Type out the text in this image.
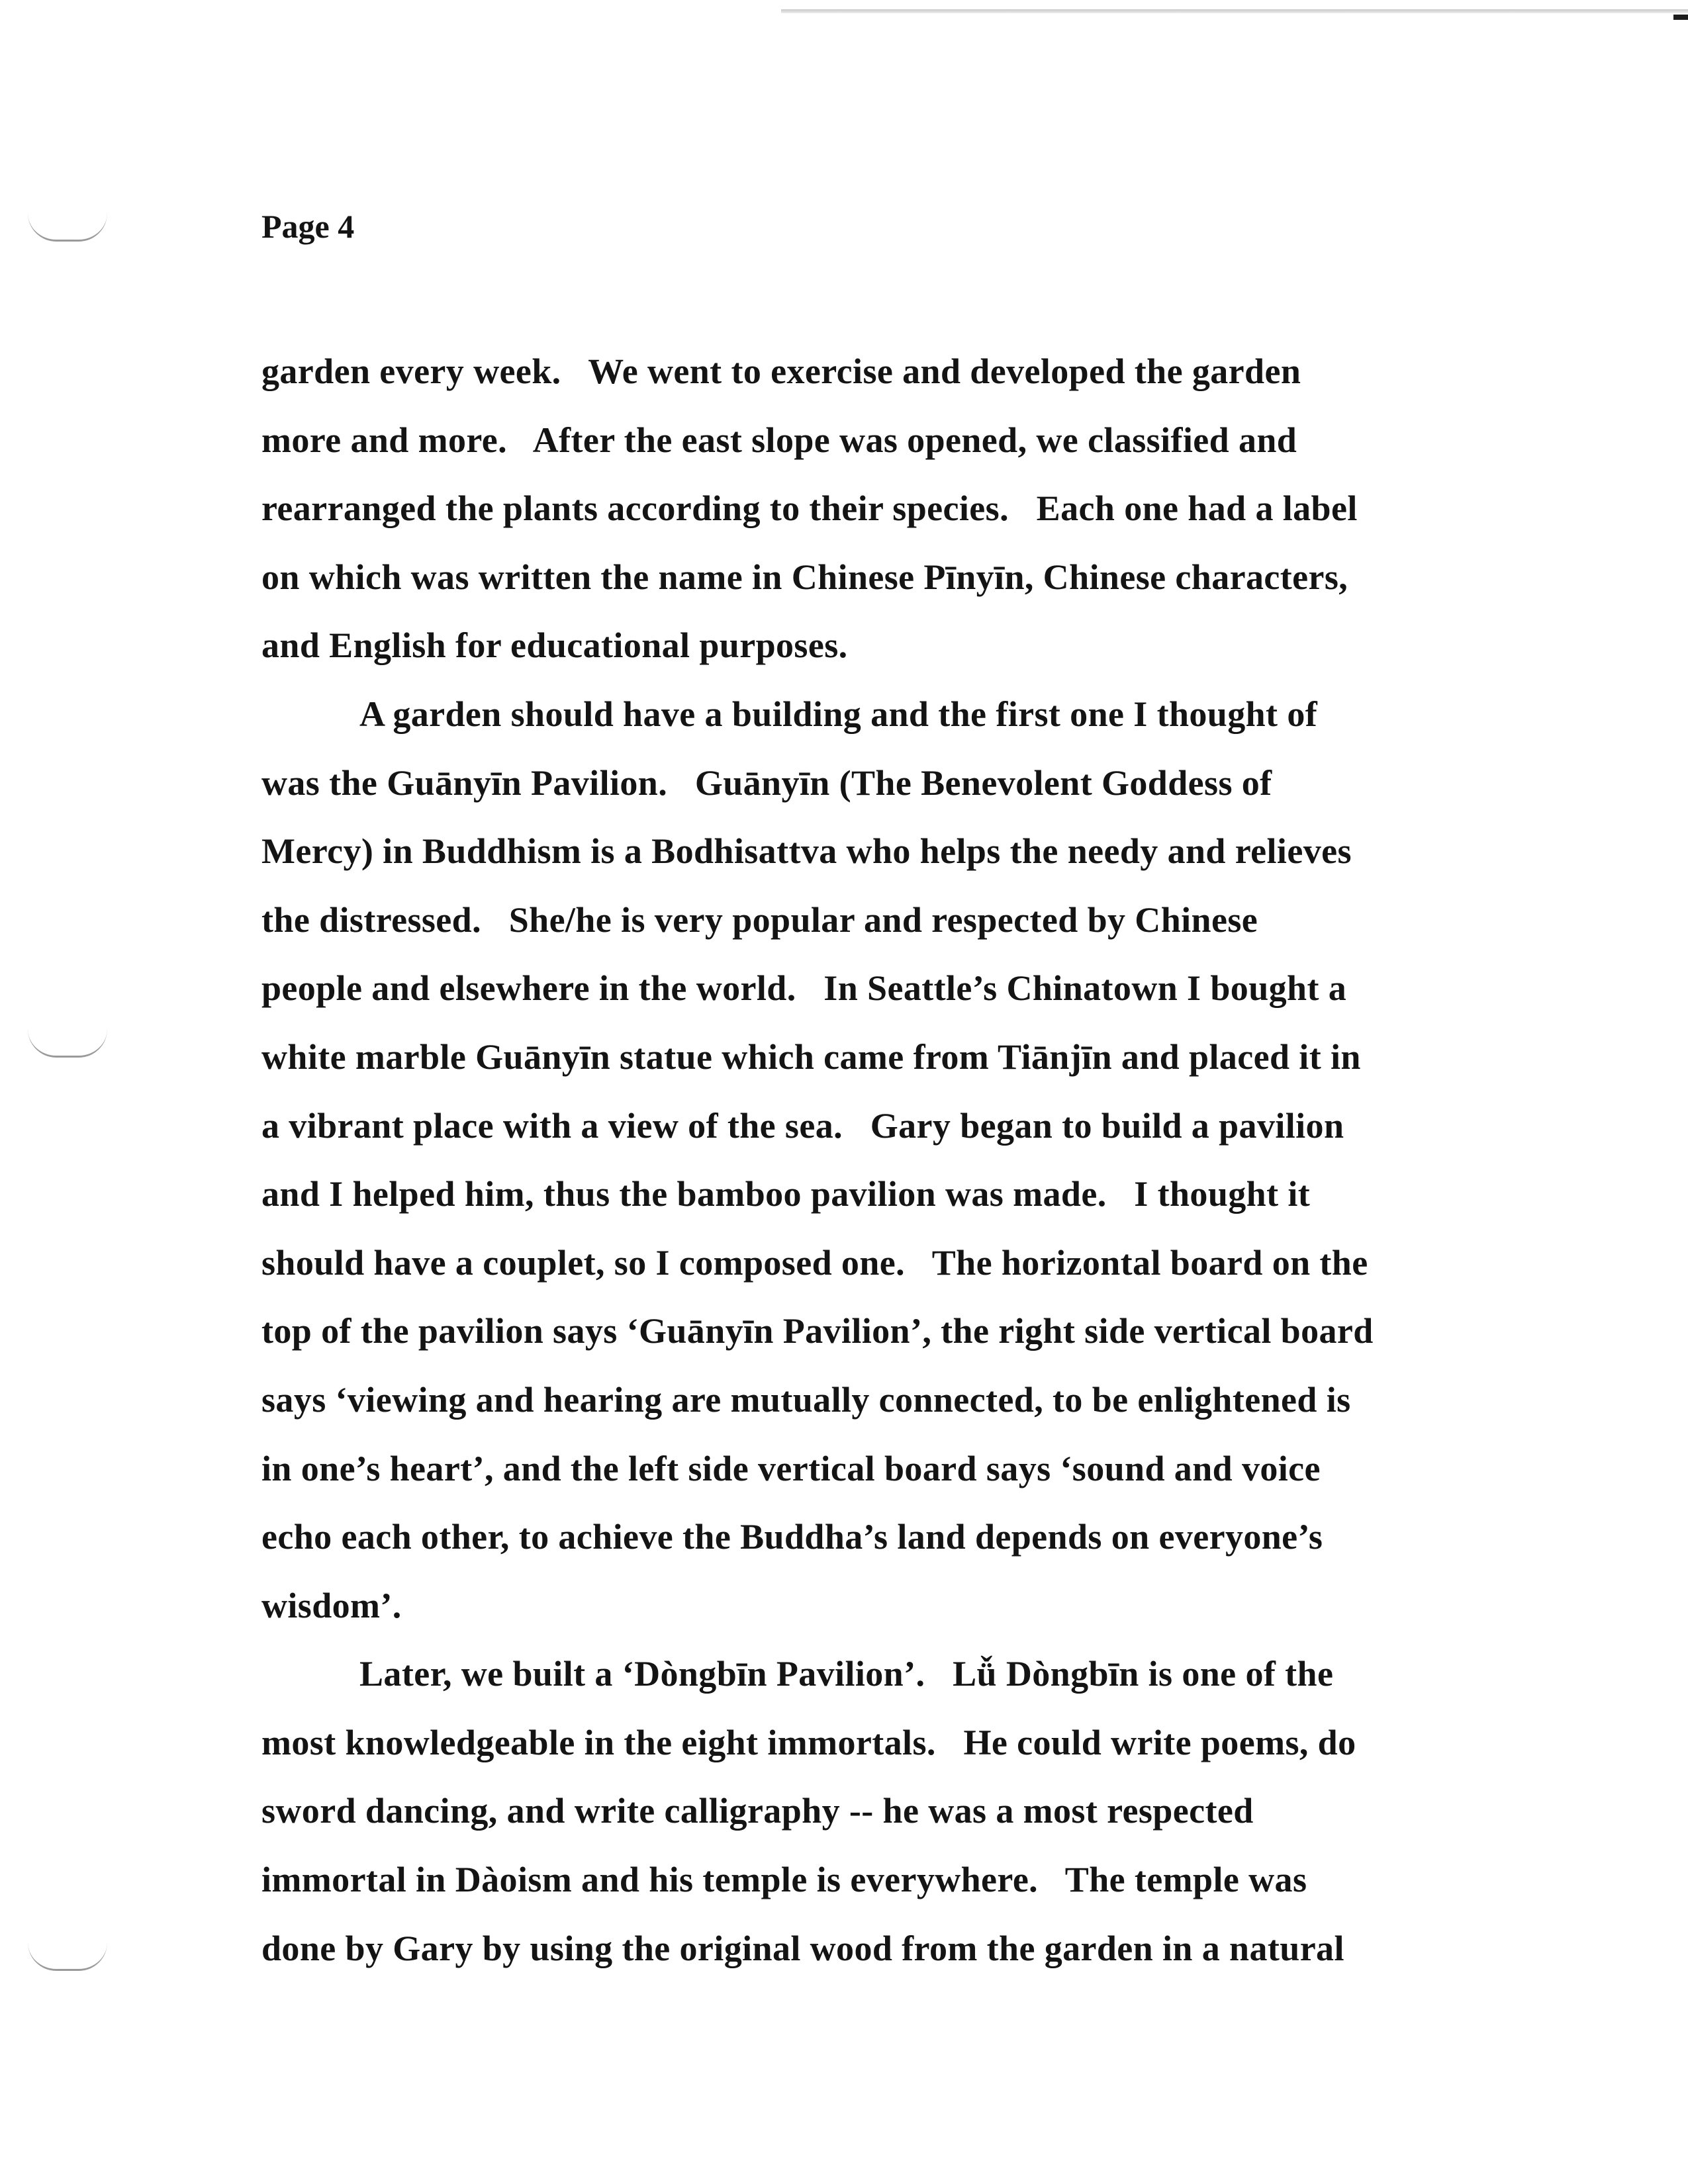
Page 4
garden every week.   We went to exercise and developed the garden
more and more.   After the east slope was opened, we classified and
rearranged the plants according to their species.   Each one had a label
on which was written the name in Chinese Pīnyīn, Chinese characters,
and English for educational purposes.
A garden should have a building and the first one I thought of
was the Guānyīn Pavilion.   Guānyīn (The Benevolent Goddess of
Mercy) in Buddhism is a Bodhisattva who helps the needy and relieves
the distressed.   She/he is very popular and respected by Chinese
people and elsewhere in the world.   In Seattle’s Chinatown I bought a
white marble Guānyīn statue which came from Tiānjīn and placed it in
a vibrant place with a view of the sea.   Gary began to build a pavilion
and I helped him, thus the bamboo pavilion was made.   I thought it
should have a couplet, so I composed one.   The horizontal board on the
top of the pavilion says ‘Guānyīn Pavilion’, the right side vertical board
says ‘viewing and hearing are mutually connected, to be enlightened is
in one’s heart’, and the left side vertical board says ‘sound and voice
echo each other, to achieve the Buddha’s land depends on everyone’s
wisdom’.
Later, we built a ‘Dòngbīn Pavilion’.   Lǚ Dòngbīn is one of the
most knowledgeable in the eight immortals.   He could write poems, do
sword dancing, and write calligraphy -- he was a most respected
immortal in Dàoism and his temple is everywhere.   The temple was
done by Gary by using the original wood from the garden in a natural
